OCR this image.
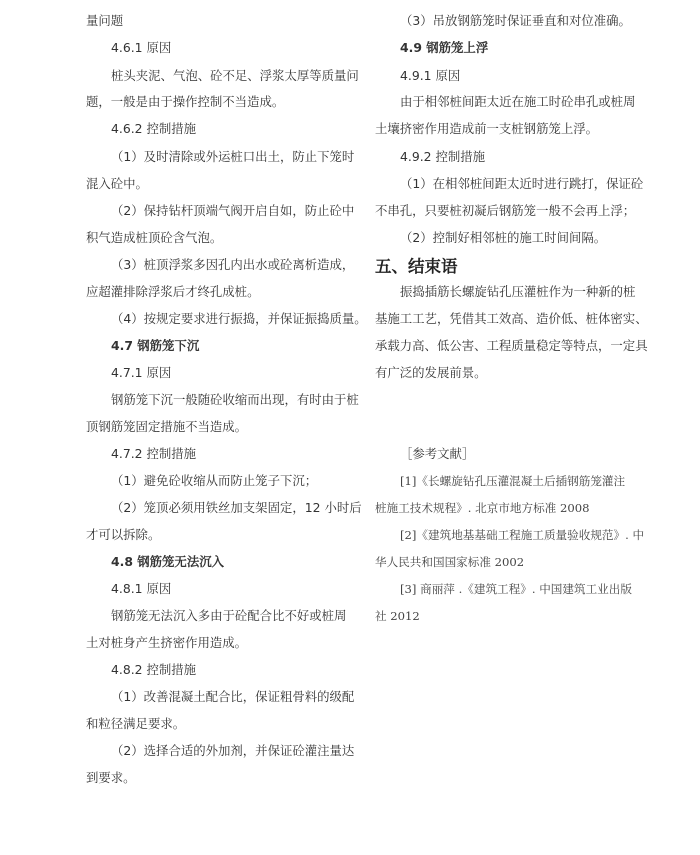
量问题
4.6.1 原因
桩头夹泥、气泡、砼不足、浮浆太厚等质量问
题，一般是由于操作控制不当造成。
4.6.2 控制措施
（1）及时清除或外运桩口出土，防止下笼时
混入砼中。
（2）保持钻杆顶端气阀开启自如，防止砼中
积气造成桩顶砼含气泡。
（3）桩顶浮浆多因孔内出水或砼离析造成，
应超灌排除浮浆后才终孔成桩。
（4）按规定要求进行振捣，并保证振捣质量。
4.7 钢筋笼下沉
4.7.1 原因
钢筋笼下沉一般随砼收缩而出现，有时由于桩
顶钢筋笼固定措施不当造成。
4.7.2 控制措施
（1）避免砼收缩从而防止笼子下沉；
（2）笼顶必须用铁丝加支架固定，12 小时后
才可以拆除。
4.8 钢筋笼无法沉入
4.8.1 原因
钢筋笼无法沉入多由于砼配合比不好或桩周
土对桩身产生挤密作用造成。
4.8.2 控制措施
（1）改善混凝土配合比，保证粗骨料的级配
和粒径满足要求。
（2）选择合适的外加剂，并保证砼灌注量达
到要求。
（3）吊放钢筋笼时保证垂直和对位准确。
4.9 钢筋笼上浮
4.9.1 原因
由于相邻桩间距太近在施工时砼串孔或桩周
土壤挤密作用造成前一支桩钢筋笼上浮。
4.9.2 控制措施
（1）在相邻桩间距太近时进行跳打，保证砼
不串孔，只要桩初凝后钢筋笼一般不会再上浮；
（2）控制好相邻桩的施工时间间隔。
五、结束语
振捣插筋长螺旋钻孔压灌桩作为一种新的桩
基施工工艺，凭借其工效高、造价低、桩体密实、
承载力高、低公害、工程质量稳定等特点，一定具
有广泛的发展前景。
［参考文献］
[1]《长螺旋钻孔压灌混凝土后插钢筋笼灌注
桩施工技术规程》. 北京市地方标准 2008
[2]《建筑地基基础工程施工质量验收规范》. 中
华人民共和国国家标准 2002
[3] 商丽萍 .《建筑工程》. 中国建筑工业出版
社 2012
